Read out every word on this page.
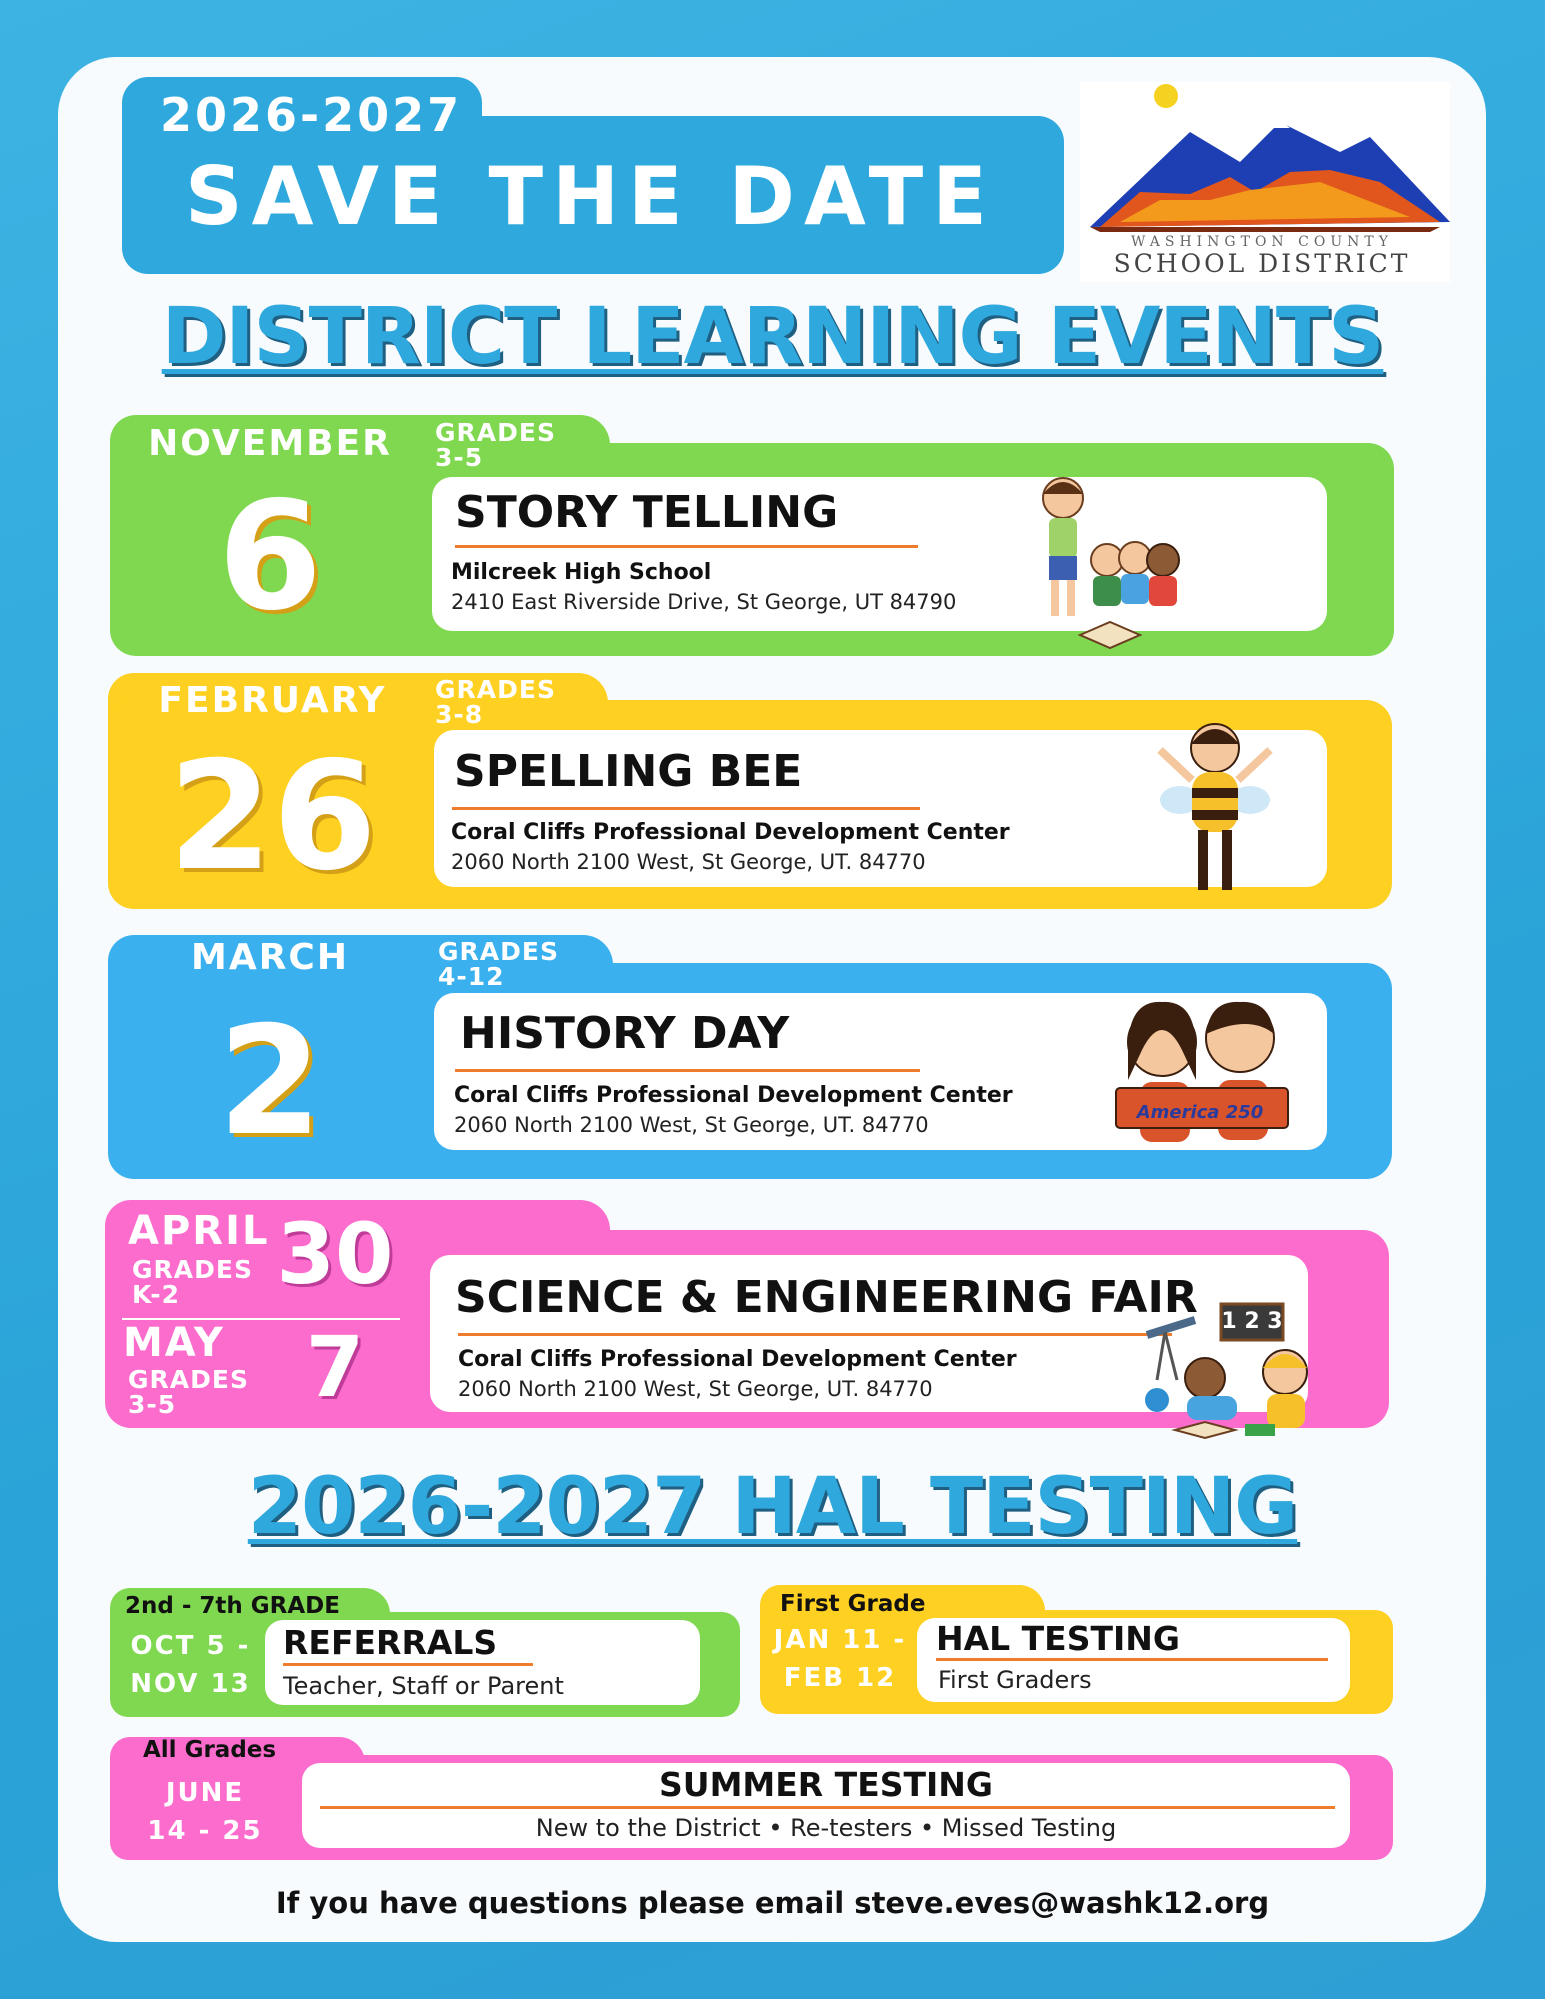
2026-2027
SAVE THE DATE	WASHINGTON COUNTY
SCHOOL DISTRICT
DISTRICT LEARNING EVENTS
NOVEMBER	GRADES
3-5
6	STORY TELLING
Milcreek High School
2410 East Riverside Drive, St George, UT 84790
FEBRUARY	GRADES
3-8
26	SPELLING BEE
Coral Cliffs Professional Development Center
2060 North 2100 West, St George, UT. 84770
MARCH	GRADES
4-12
2	HISTORY DAY
Coral Cliffs Professional Development Center
2060 North 2100 West, St George, UT. 84770
America 250
APRIL
GRADES
K-2	30
MAY
GRADES
3-5	7
SCIENCE & ENGINEERING FAIR
Coral Cliffs Professional Development Center
2060 North 2100 West, St George, UT. 84770
1 2 3
2026-2027 HAL TESTING
2nd - 7th GRADE
OCT 5 -
NOV 13
REFERRALS
Teacher, Staff or Parent
First Grade
JAN 11 -
FEB 12
HAL TESTING
First Graders
All Grades
JUNE
14 - 25
SUMMER TESTING
New to the District • Re-testers • Missed Testing
If you have questions please email steve.eves@washk12.org
